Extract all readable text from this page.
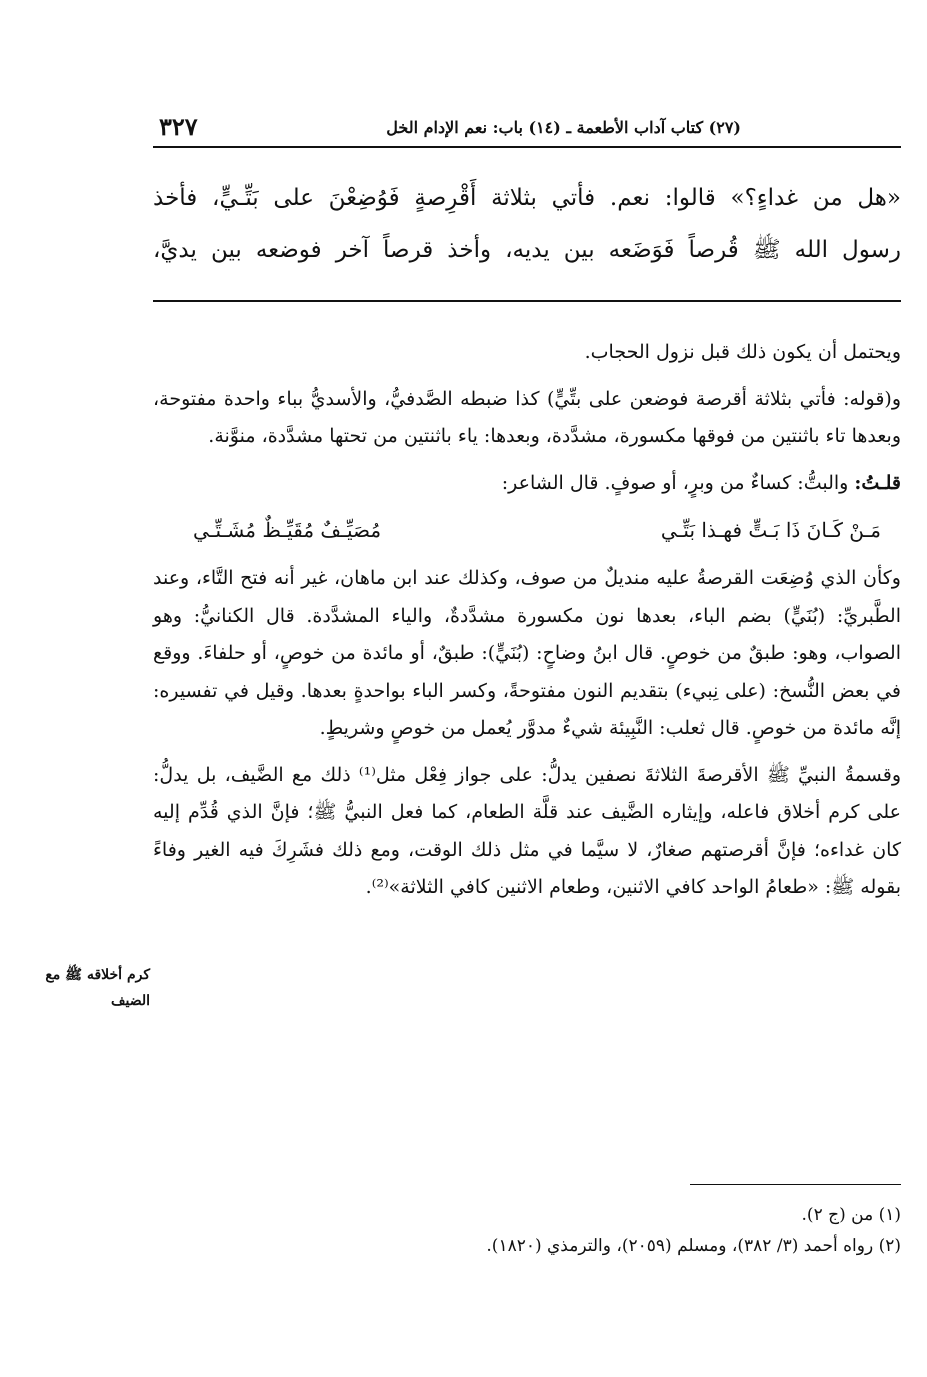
٣٢٧	(٢٧) كتاب آداب الأطعمة ـ (١٤) باب: نعم الإدام الخل

«هل من غداءٍ؟» قالوا: نعم. فأتي بثلاثة أَقْرِصةٍ فَوُضِعْنَ على بَتِّـيٍّ، فأخذ

رسول الله ﷺ قُرصاً فَوَضَعه بين يديه، وأخذ قرصاً آخر فوضعه بين يديَّ،

ويحتمل أن يكون ذلك قبل نزول الحجاب.

و(قوله: فأتي بثلاثة أقرصة فوضعن على بتِّيٍّ) كذا ضبطه الصَّدفيُّ، والأسديُّ بباء واحدة مفتوحة، وبعدها تاء باثنتين من فوقها مكسورة، مشدَّدة، وبعدها: ياء باثنتين من تحتها مشدَّدة، منوَّنة.

قلـتُ: والبتُّ: كساءٌ من وبرٍ، أو صوفٍ. قال الشاعر:

مَـنْ كَـانَ ذَا بَـتٍّ فهـذا بَتِّـي
مُصَيِّـفٌ مُقَيِّـظٌ مُشَـتِّـي

وكأن الذي وُضِعَت القرصةُ عليه منديلٌ من صوف، وكذلك عند ابن ماهان، غير أنه فتح التَّاء، وعند الطَّبريِّ: (بُنَيٍّ) بضم الباء، بعدها نون مكسورة مشدَّدةٌ، والياء المشدَّدة. قال الكنانيُّ: وهو الصواب، وهو: طبقٌ من خوصٍ. قال ابنُ وضاحٍ: (بُنَيٍّ): طبقٌ، أو مائدة من خوصٍ، أو حلفاءَ. ووقع في بعض النُّسخ: (على نِبيء) بتقديم النون مفتوحةً، وكسر الباء بواحدةٍ بعدها. وقيل في تفسيره: إنَّه مائدة من خوصٍ. قال ثعلب: النَّبِيئة شيءٌ مدوَّر يُعمل من خوصٍ وشريطٍ.

وقسمةُ النبيِّ ﷺ الأقرصةَ الثلاثةَ نصفين يدلُّ: على جواز فِعْل مثل⁽¹⁾ ذلك مع الضَّيف، بل يدلُّ: على كرم أخلاق فاعله، وإيثاره الضَّيف عند قلَّة الطعام، كما فعل النبيُّ ﷺ؛ فإنَّ الذي قُدِّم إليه كان غداءه؛ فإنَّ أقرصتهم صغارٌ، لا سيَّما في مثل ذلك الوقت، ومع ذلك فشَرِكَ فيه الغير وفاءً بقوله ﷺ: «طعامُ الواحد كافي الاثنين، وطعام الاثنين كافي الثلاثة»⁽²⁾.

كرم أخلاقه ﷺ مع الضيف

(١) من (ج ٢).

(٢) رواه أحمد (٣/ ٣٨٢)، ومسلم (٢٠٥٩)، والترمذي (١٨٢٠).
